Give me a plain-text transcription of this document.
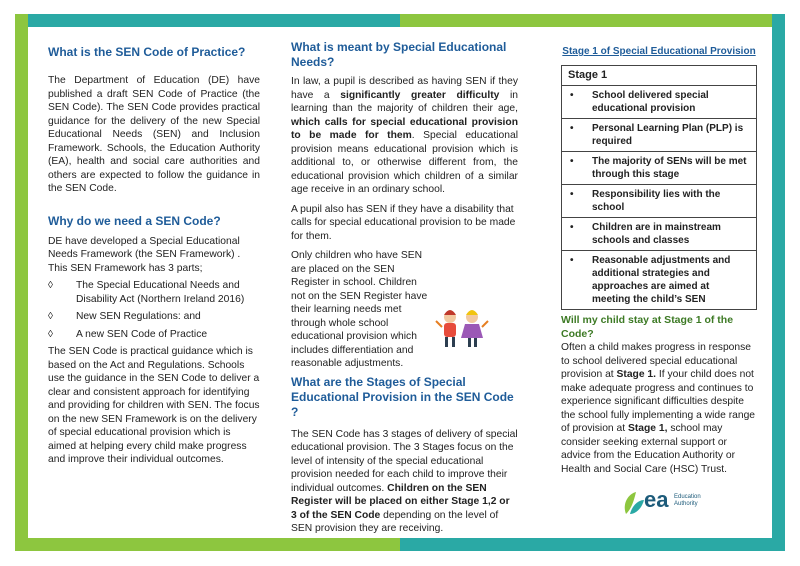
What is the SEN Code of Practice?

The Department of Education (DE) have published a draft SEN Code of Practice (the SEN Code). The SEN Code provides practical guidance for the delivery of the new Special Educational Needs (SEN) and Inclusion Framework. Schools, the Education Authority (EA), health and social care authorities and others are expected to follow the guidance in the SEN Code.

Why do we need a SEN Code?

DE have developed a Special Educational Needs Framework (the SEN Framework) . This SEN Framework has 3 parts;

◊ The Special Educational Needs and Disability Act (Northern Ireland 2016)
◊ New SEN Regulations: and
◊ A new SEN Code of Practice

The SEN Code is practical guidance which is based on the Act and Regulations. Schools use the guidance in the SEN Code to deliver a clear and consistent approach for identifying and providing for children with SEN. The focus on the new SEN Framework is on the delivery of special educational provision which is aimed at helping every child make progress and improve their individual outcomes.

What is meant by Special Educational Needs?

In law, a pupil is described as having SEN if they have a significantly greater difficulty in learning than the majority of children their age, which calls for special educational provision to be made for them. Special educational provision means educational provision which is additional to, or otherwise different from, the educational provision which children of a similar age receive in an ordinary school.

A pupil also has SEN if they have a disability that calls for special educational provision to be made for them.

Only children who have SEN are placed on the SEN Register in school. Children not on the SEN Register have their learning needs met through whole school educational provision which includes differentiation and reasonable adjustments.

What are the Stages of Special Educational Provision in the SEN Code ?

The SEN Code has 3 stages of delivery of special educational provision. The 3 Stages focus on the level of intensity of the special educational provision needed for each child to improve their individual outcomes. Children on the SEN Register will be placed on either Stage 1,2 or 3 of the SEN Code depending on the level of SEN provision they are receiving.

Stage 1 of Special Educational Provision
Stage 1
• School delivered special educational provision
• Personal Learning Plan (PLP) is required
• The majority of SENs will be met through this stage
• Responsibility lies with the school
• Children are in mainstream schools and classes
• Reasonable adjustments and additional strategies and approaches are aimed at meeting the child’s SEN
Will my child stay at Stage 1 of the Code?

Often a child makes progress in response to school delivered special educational provision at Stage 1. If your child does not make adequate progress and continues to experience significant difficulties despite the school fully implementing a wide range of provision at Stage 1, school may consider seeking external support or advice from the Education Authority or Health and Social Care (HSC) Trust.

ea Education
Authority
